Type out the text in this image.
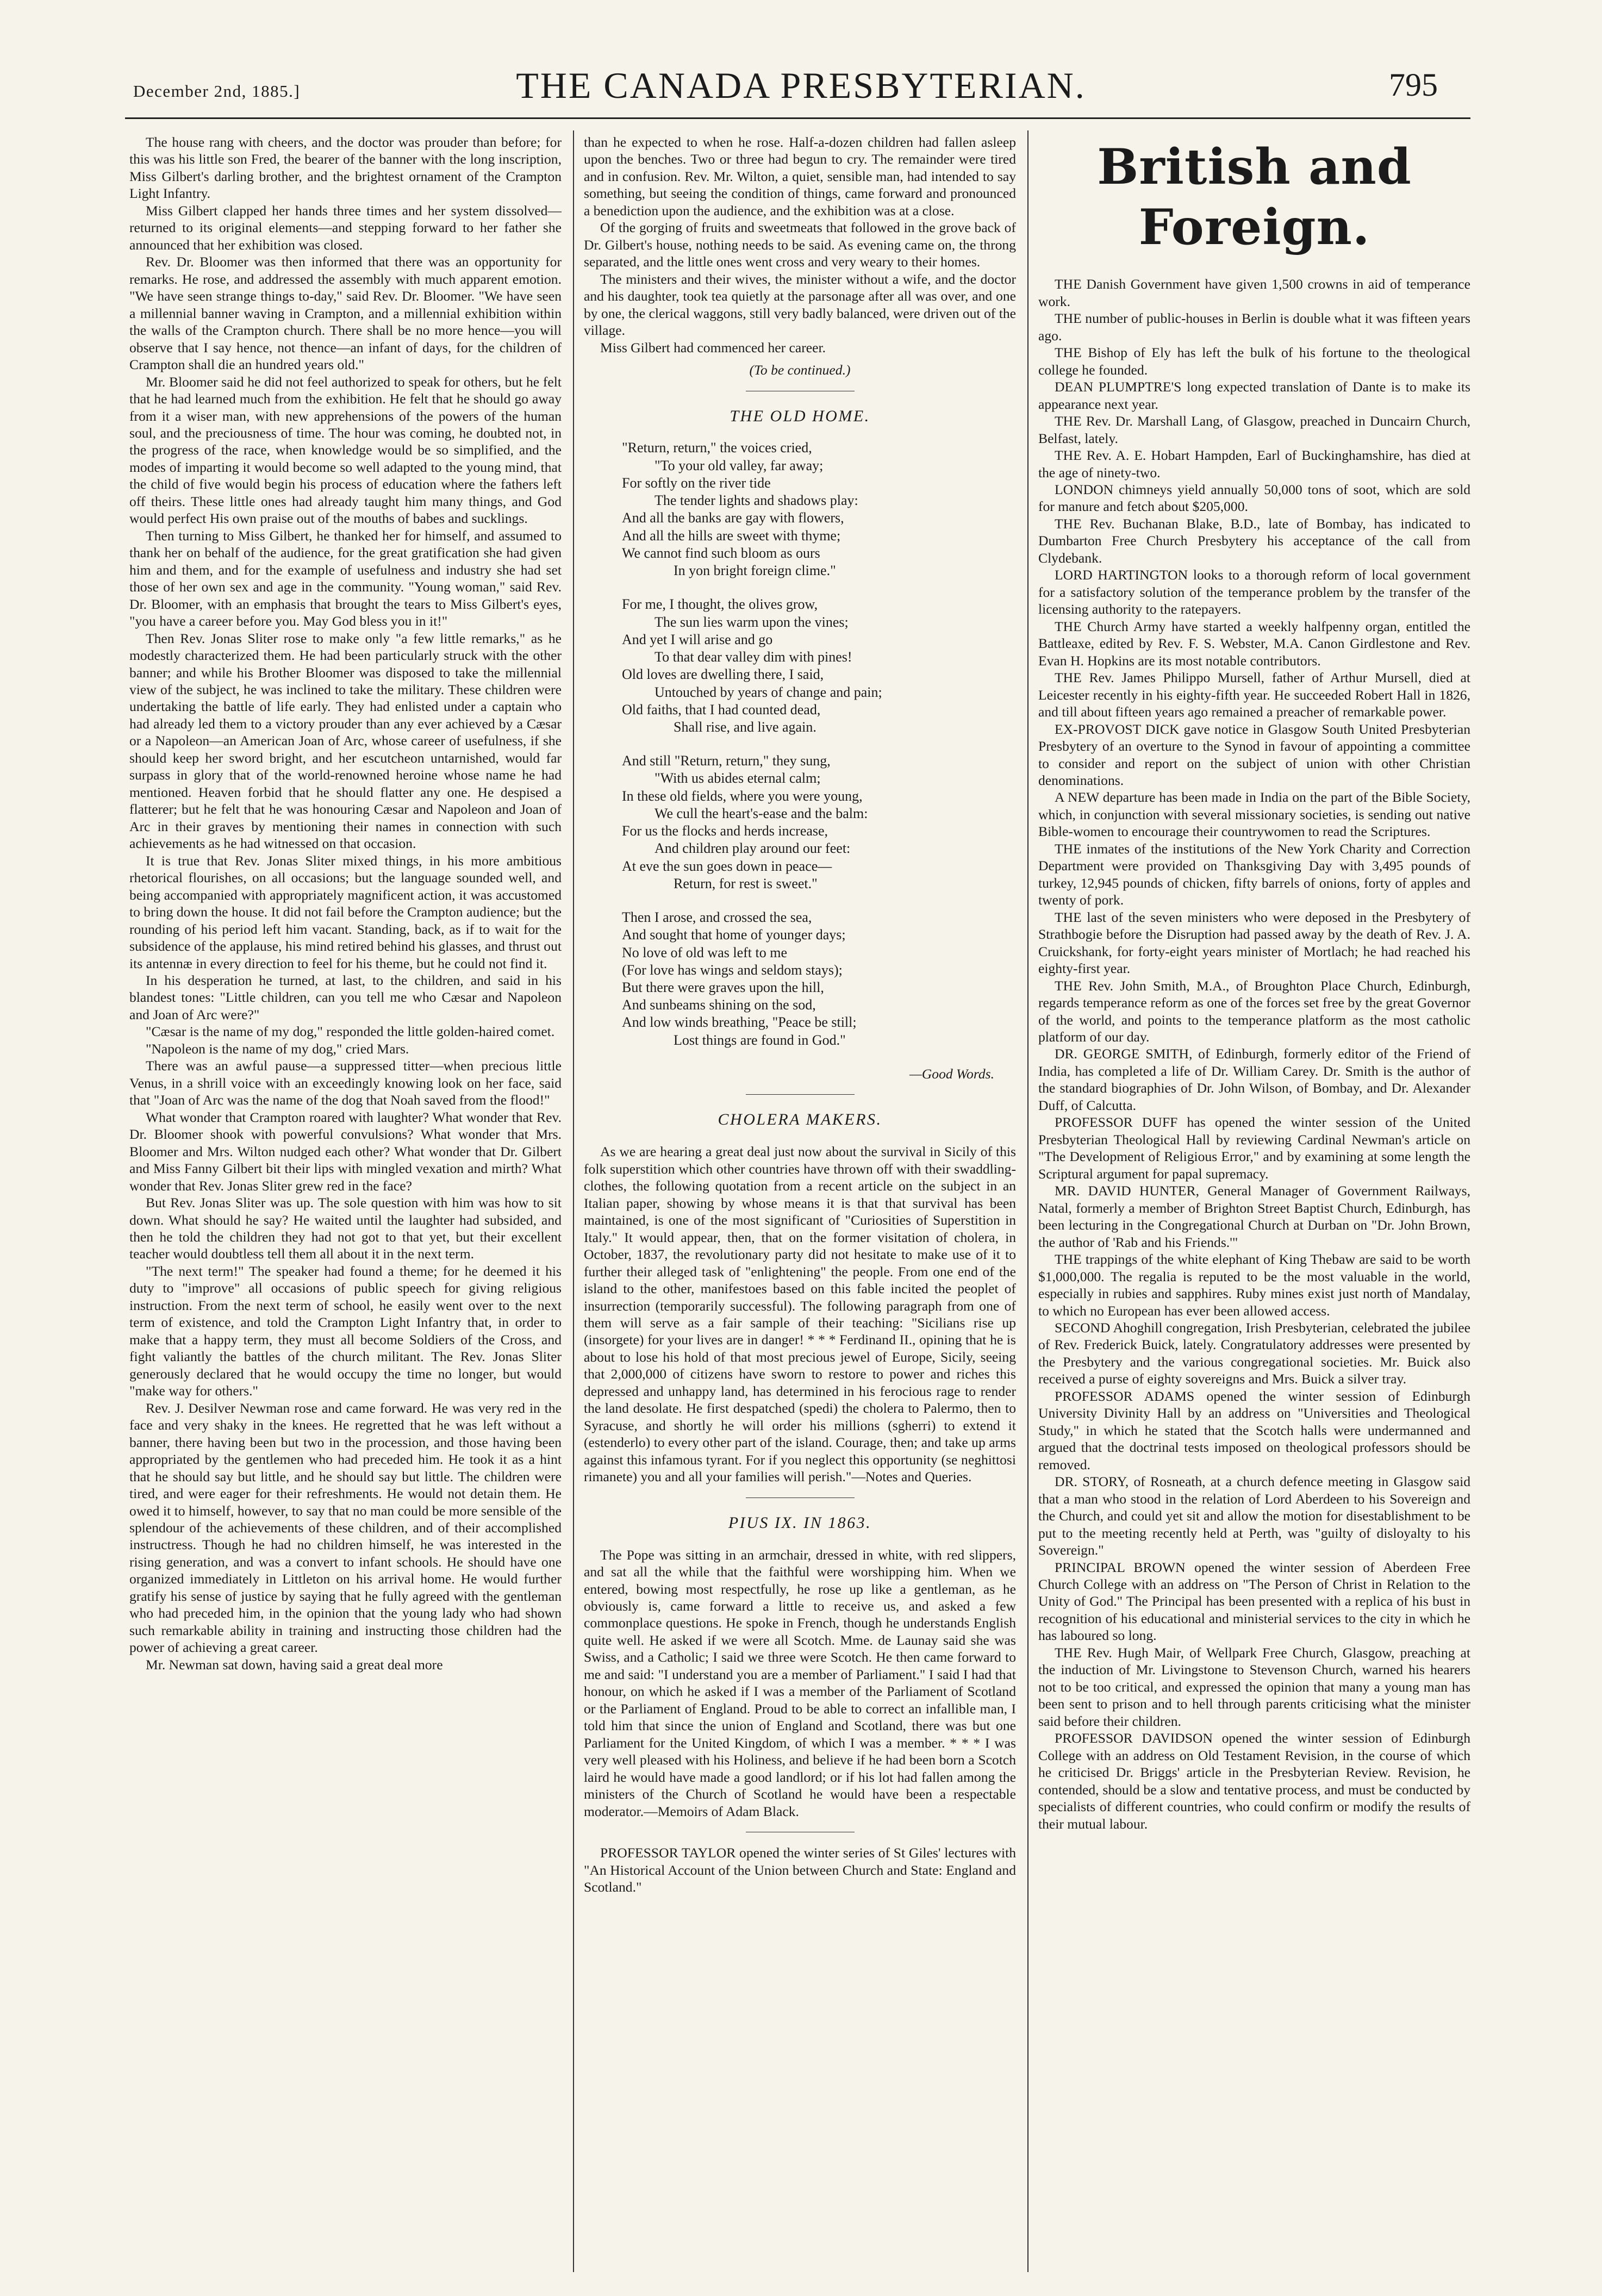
December 2nd, 1885.]	THE CANADA PRESBYTERIAN.	795

The house rang with cheers, and the doctor was prouder than before; for this was his little son Fred, the bearer of the banner with the long inscription, Miss Gilbert's darling brother, and the brightest ornament of the Crampton Light Infantry.

Miss Gilbert clapped her hands three times and her system dissolved—returned to its original elements—and stepping forward to her father she announced that her exhibition was closed.

Rev. Dr. Bloomer was then informed that there was an opportunity for remarks. He rose, and addressed the assembly with much apparent emotion. "We have seen strange things to-day," said Rev. Dr. Bloomer. "We have seen a millennial banner waving in Crampton, and a millennial exhibition within the walls of the Crampton church. There shall be no more hence—you will observe that I say hence, not thence—an infant of days, for the children of Crampton shall die an hundred years old."

Mr. Bloomer said he did not feel authorized to speak for others, but he felt that he had learned much from the exhibition. He felt that he should go away from it a wiser man, with new apprehensions of the powers of the human soul, and the preciousness of time. The hour was coming, he doubted not, in the progress of the race, when knowledge would be so simplified, and the modes of imparting it would become so well adapted to the young mind, that the child of five would begin his process of education where the fathers left off theirs. These little ones had already taught him many things, and God would perfect His own praise out of the mouths of babes and sucklings.

Then turning to Miss Gilbert, he thanked her for himself, and assumed to thank her on behalf of the audience, for the great gratification she had given him and them, and for the example of usefulness and industry she had set those of her own sex and age in the community. "Young woman," said Rev. Dr. Bloomer, with an emphasis that brought the tears to Miss Gilbert's eyes, "you have a career before you. May God bless you in it!"

Then Rev. Jonas Sliter rose to make only "a few little remarks," as he modestly characterized them. He had been particularly struck with the other banner; and while his Brother Bloomer was disposed to take the millennial view of the subject, he was inclined to take the military. These children were undertaking the battle of life early. They had enlisted under a captain who had already led them to a victory prouder than any ever achieved by a Cæsar or a Napoleon—an American Joan of Arc, whose career of usefulness, if she should keep her sword bright, and her escutcheon untarnished, would far surpass in glory that of the world-renowned heroine whose name he had mentioned. Heaven forbid that he should flatter any one. He despised a flatterer; but he felt that he was honouring Cæsar and Napoleon and Joan of Arc in their graves by mentioning their names in connection with such achievements as he had witnessed on that occasion.

It is true that Rev. Jonas Sliter mixed things, in his more ambitious rhetorical flourishes, on all occasions; but the language sounded well, and being accompanied with appropriately magnificent action, it was accustomed to bring down the house. It did not fail before the Crampton audience; but the rounding of his period left him vacant. Standing, back, as if to wait for the subsidence of the applause, his mind retired behind his glasses, and thrust out its antennæ in every direction to feel for his theme, but he could not find it.

In his desperation he turned, at last, to the children, and said in his blandest tones: "Little children, can you tell me who Cæsar and Napoleon and Joan of Arc were?"

"Cæsar is the name of my dog," responded the little golden-haired comet.

"Napoleon is the name of my dog," cried Mars.

There was an awful pause—a suppressed titter—when precious little Venus, in a shrill voice with an exceedingly knowing look on her face, said that "Joan of Arc was the name of the dog that Noah saved from the flood!"

What wonder that Crampton roared with laughter? What wonder that Rev. Dr. Bloomer shook with powerful convulsions? What wonder that Mrs. Bloomer and Mrs. Wilton nudged each other? What wonder that Dr. Gilbert and Miss Fanny Gilbert bit their lips with mingled vexation and mirth? What wonder that Rev. Jonas Sliter grew red in the face?

But Rev. Jonas Sliter was up. The sole question with him was how to sit down. What should he say? He waited until the laughter had subsided, and then he told the children they had not got to that yet, but their excellent teacher would doubtless tell them all about it in the next term.

"The next term!" The speaker had found a theme; for he deemed it his duty to "improve" all occasions of public speech for giving religious instruction. From the next term of school, he easily went over to the next term of existence, and told the Crampton Light Infantry that, in order to make that a happy term, they must all become Soldiers of the Cross, and fight valiantly the battles of the church militant. The Rev. Jonas Sliter generously declared that he would occupy the time no longer, but would "make way for others."

Rev. J. Desilver Newman rose and came forward. He was very red in the face and very shaky in the knees. He regretted that he was left without a banner, there having been but two in the procession, and those having been appropriated by the gentlemen who had preceded him. He took it as a hint that he should say but little, and he should say but little. The children were tired, and were eager for their refreshments. He would not detain them. He owed it to himself, however, to say that no man could be more sensible of the splendour of the achievements of these children, and of their accomplished instructress. Though he had no children himself, he was interested in the rising generation, and was a convert to infant schools. He should have one organized immediately in Littleton on his arrival home. He would further gratify his sense of justice by saying that he fully agreed with the gentleman who had preceded him, in the opinion that the young lady who had shown such remarkable ability in training and instructing those children had the power of achieving a great career.

Mr. Newman sat down, having said a great deal more

than he expected to when he rose. Half-a-dozen children had fallen asleep upon the benches. Two or three had begun to cry. The remainder were tired and in confusion. Rev. Mr. Wilton, a quiet, sensible man, had intended to say something, but seeing the condition of things, came forward and pronounced a benediction upon the audience, and the exhibition was at a close.

Of the gorging of fruits and sweetmeats that followed in the grove back of Dr. Gilbert's house, nothing needs to be said. As evening came on, the throng separated, and the little ones went cross and very weary to their homes.

The ministers and their wives, the minister without a wife, and the doctor and his daughter, took tea quietly at the parsonage after all was over, and one by one, the clerical waggons, still very badly balanced, were driven out of the village.

Miss Gilbert had commenced her career.

(To be continued.)
THE OLD HOME.
"Return, return," the voices cried,
"To your old valley, far away;
For softly on the river tide
The tender lights and shadows play:
And all the banks are gay with flowers,
And all the hills are sweet with thyme;
We cannot find such bloom as ours
In yon bright foreign clime."
For me, I thought, the olives grow,
The sun lies warm upon the vines;
And yet I will arise and go
To that dear valley dim with pines!
Old loves are dwelling there, I said,
Untouched by years of change and pain;
Old faiths, that I had counted dead,
Shall rise, and live again.
And still "Return, return," they sung,
"With us abides eternal calm;
In these old fields, where you were young,
We cull the heart's-ease and the balm:
For us the flocks and herds increase,
And children play around our feet:
At eve the sun goes down in peace—
Return, for rest is sweet."
Then I arose, and crossed the sea,
And sought that home of younger days;
No love of old was left to me
(For love has wings and seldom stays);
But there were graves upon the hill,
And sunbeams shining on the sod,
And low winds breathing, "Peace be still;
Lost things are found in God."
—Good Words.
CHOLERA MAKERS.

As we are hearing a great deal just now about the survival in Sicily of this folk superstition which other countries have thrown off with their swaddling-clothes, the following quotation from a recent article on the subject in an Italian paper, showing by whose means it is that that survival has been maintained, is one of the most significant of "Curiosities of Superstition in Italy." It would appear, then, that on the former visitation of cholera, in October, 1837, the revolutionary party did not hesitate to make use of it to further their alleged task of "enlightening" the people. From one end of the island to the other, manifestoes based on this fable incited the peoplet of insurrection (temporarily successful). The following paragraph from one of them will serve as a fair sample of their teaching: "Sicilians rise up (insorgete) for your lives are in danger! * * * Ferdinand II., opining that he is about to lose his hold of that most precious jewel of Europe, Sicily, seeing that 2,000,000 of citizens have sworn to restore to power and riches this depressed and unhappy land, has determined in his ferocious rage to render the land desolate. He first despatched (spedi) the cholera to Palermo, then to Syracuse, and shortly he will order his millions (sgherri) to extend it (estenderlo) to every other part of the island. Courage, then; and take up arms against this infamous tyrant. For if you neglect this opportunity (se neghittosi rimanete) you and all your families will perish."—Notes and Queries.

PIUS IX. IN 1863.

The Pope was sitting in an armchair, dressed in white, with red slippers, and sat all the while that the faithful were worshipping him. When we entered, bowing most respectfully, he rose up like a gentleman, as he obviously is, came forward a little to receive us, and asked a few commonplace questions. He spoke in French, though he understands English quite well. He asked if we were all Scotch. Mme. de Launay said she was Swiss, and a Catholic; I said we three were Scotch. He then came forward to me and said: "I understand you are a member of Parliament." I said I had that honour, on which he asked if I was a member of the Parliament of Scotland or the Parliament of England. Proud to be able to correct an infallible man, I told him that since the union of England and Scotland, there was but one Parliament for the United Kingdom, of which I was a member. * * * I was very well pleased with his Holiness, and believe if he had been born a Scotch laird he would have made a good landlord; or if his lot had fallen among the ministers of the Church of Scotland he would have been a respectable moderator.—Memoirs of Adam Black.

PROFESSOR TAYLOR opened the winter series of St Giles' lectures with "An Historical Account of the Union between Church and State: England and Scotland."

British and Foreign.

THE Danish Government have given 1,500 crowns in aid of temperance work.

THE number of public-houses in Berlin is double what it was fifteen years ago.

THE Bishop of Ely has left the bulk of his fortune to the theological college he founded.

DEAN PLUMPTRE'S long expected translation of Dante is to make its appearance next year.

THE Rev. Dr. Marshall Lang, of Glasgow, preached in Duncairn Church, Belfast, lately.

THE Rev. A. E. Hobart Hampden, Earl of Buckinghamshire, has died at the age of ninety-two.

LONDON chimneys yield annually 50,000 tons of soot, which are sold for manure and fetch about $205,000.

THE Rev. Buchanan Blake, B.D., late of Bombay, has indicated to Dumbarton Free Church Presbytery his acceptance of the call from Clydebank.

LORD HARTINGTON looks to a thorough reform of local government for a satisfactory solution of the temperance problem by the transfer of the licensing authority to the ratepayers.

THE Church Army have started a weekly halfpenny organ, entitled the Battleaxe, edited by Rev. F. S. Webster, M.A. Canon Girdlestone and Rev. Evan H. Hopkins are its most notable contributors.

THE Rev. James Philippo Mursell, father of Arthur Mursell, died at Leicester recently in his eighty-fifth year. He succeeded Robert Hall in 1826, and till about fifteen years ago remained a preacher of remarkable power.

EX-PROVOST DICK gave notice in Glasgow South United Presbyterian Presbytery of an overture to the Synod in favour of appointing a committee to consider and report on the subject of union with other Christian denominations.

A NEW departure has been made in India on the part of the Bible Society, which, in conjunction with several missionary societies, is sending out native Bible-women to encourage their countrywomen to read the Scriptures.

THE inmates of the institutions of the New York Charity and Correction Department were provided on Thanksgiving Day with 3,495 pounds of turkey, 12,945 pounds of chicken, fifty barrels of onions, forty of apples and twenty of pork.

THE last of the seven ministers who were deposed in the Presbytery of Strathbogie before the Disruption had passed away by the death of Rev. J. A. Cruickshank, for forty-eight years minister of Mortlach; he had reached his eighty-first year.

THE Rev. John Smith, M.A., of Broughton Place Church, Edinburgh, regards temperance reform as one of the forces set free by the great Governor of the world, and points to the temperance platform as the most catholic platform of our day.

DR. GEORGE SMITH, of Edinburgh, formerly editor of the Friend of India, has completed a life of Dr. William Carey. Dr. Smith is the author of the standard biographies of Dr. John Wilson, of Bombay, and Dr. Alexander Duff, of Calcutta.

PROFESSOR DUFF has opened the winter session of the United Presbyterian Theological Hall by reviewing Cardinal Newman's article on "The Development of Religious Error," and by examining at some length the Scriptural argument for papal supremacy.

MR. DAVID HUNTER, General Manager of Government Railways, Natal, formerly a member of Brighton Street Baptist Church, Edinburgh, has been lecturing in the Congregational Church at Durban on "Dr. John Brown, the author of 'Rab and his Friends.'"

THE trappings of the white elephant of King Thebaw are said to be worth $1,000,000. The regalia is reputed to be the most valuable in the world, especially in rubies and sapphires. Ruby mines exist just north of Mandalay, to which no European has ever been allowed access.

SECOND Ahoghill congregation, Irish Presbyterian, celebrated the jubilee of Rev. Frederick Buick, lately. Congratulatory addresses were presented by the Presbytery and the various congregational societies. Mr. Buick also received a purse of eighty sovereigns and Mrs. Buick a silver tray.

PROFESSOR ADAMS opened the winter session of Edinburgh University Divinity Hall by an address on "Universities and Theological Study," in which he stated that the Scotch halls were undermanned and argued that the doctrinal tests imposed on theological professors should be removed.

DR. STORY, of Rosneath, at a church defence meeting in Glasgow said that a man who stood in the relation of Lord Aberdeen to his Sovereign and the Church, and could yet sit and allow the motion for disestablishment to be put to the meeting recently held at Perth, was "guilty of disloyalty to his Sovereign."

PRINCIPAL BROWN opened the winter session of Aberdeen Free Church College with an address on "The Person of Christ in Relation to the Unity of God." The Principal has been presented with a replica of his bust in recognition of his educational and ministerial services to the city in which he has laboured so long.

THE Rev. Hugh Mair, of Wellpark Free Church, Glasgow, preaching at the induction of Mr. Livingstone to Stevenson Church, warned his hearers not to be too critical, and expressed the opinion that many a young man has been sent to prison and to hell through parents criticising what the minister said before their children.

PROFESSOR DAVIDSON opened the winter session of Edinburgh College with an address on Old Testament Revision, in the course of which he criticised Dr. Briggs' article in the Presbyterian Review. Revision, he contended, should be a slow and tentative process, and must be conducted by specialists of different countries, who could confirm or modify the results of their mutual labour.
